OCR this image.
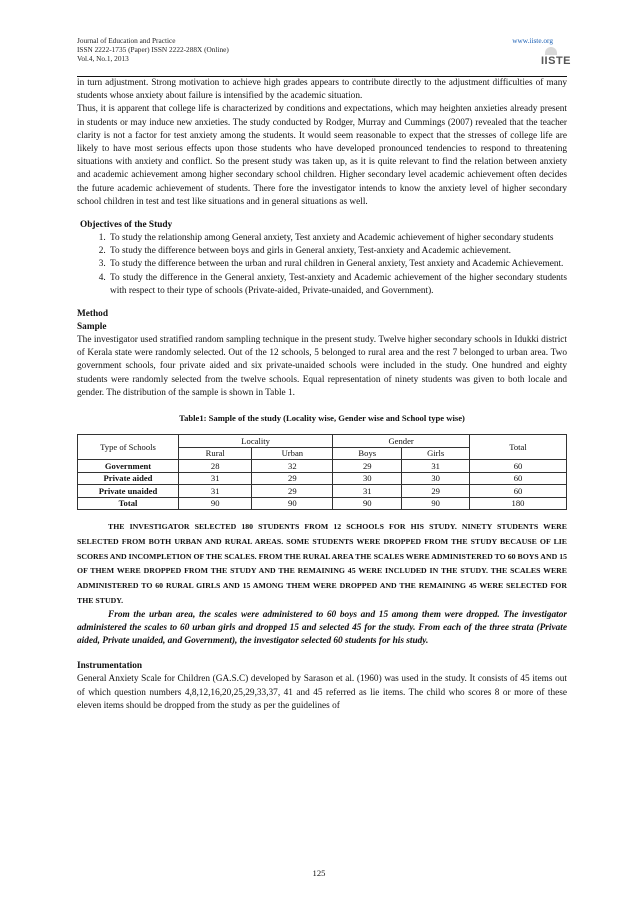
Journal of Education and Practice
ISSN 2222-1735 (Paper) ISSN 2222-288X (Online)
Vol.4, No.1, 2013
www.iiste.org
IISTE

in turn adjustment. Strong motivation to achieve high grades appears to contribute directly to the adjustment difficulties of many students whose anxiety about failure is intensified by the academic situation.

Thus, it is apparent that college life is characterized by conditions and expectations, which may heighten anxieties already present in students or may induce new anxieties. The study conducted by Rodger, Murray and Cummings (2007) revealed that the teacher clarity is not a factor for test anxiety among the students. It would seem reasonable to expect that the stresses of college life are likely to have most serious effects upon those students who have developed pronounced tendencies to respond to threatening situations with anxiety and conflict. So the present study was taken up, as it is quite relevant to find the relation between anxiety and academic achievement among higher secondary school children. Higher secondary level academic achievement often decides the future academic achievement of students. There fore the investigator intends to know the anxiety level of higher secondary school children in test and test like situations and in general situations as well.

Objectives of the Study

1. To study the relationship among General anxiety, Test anxiety and Academic achievement of higher secondary students
2. To study the difference between boys and girls in General anxiety, Test-anxiety and Academic achievement.
3. To study the difference between the urban and rural children in General anxiety, Test anxiety and Academic Achievement.
4. To study the difference in the General anxiety, Test-anxiety and Academic achievement of the higher secondary students with respect to their type of schools (Private-aided, Private-unaided, and Government).

Method

Sample

The investigator used stratified random sampling technique in the present study. Twelve higher secondary schools in Idukki district of Kerala state were randomly selected. Out of the 12 schools, 5 belonged to rural area and the rest 7 belonged to urban area. Two government schools, four private aided and six private-unaided schools were included in the study. One hundred and eighty students were randomly selected from the twelve schools. Equal representation of ninety students was given to both locale and gender. The distribution of the sample is shown in Table 1.

Table1: Sample of the study (Locality wise, Gender wise and School type wise)

Type of Schools	Locality		Gender		Total
	Rural	Urban	Boys	Girls	
Government	28	32	29	31	60
Private aided	31	29	30	30	60
Private unaided	31	29	31	29	60
Total	90	90	90	90	180

THE INVESTIGATOR SELECTED 180 STUDENTS FROM 12 SCHOOLS FOR HIS STUDY. NINETY STUDENTS WERE SELECTED FROM BOTH URBAN AND RURAL AREAS. SOME STUDENTS WERE DROPPED FROM THE STUDY BECAUSE OF LIE SCORES AND INCOMPLETION OF THE SCALES. FROM THE RURAL AREA THE SCALES WERE ADMINISTERED TO 60 BOYS AND 15 OF THEM WERE DROPPED FROM THE STUDY AND THE REMAINING 45 WERE INCLUDED IN THE STUDY. THE SCALES WERE ADMINISTERED TO 60 RURAL GIRLS AND 15 AMONG THEM WERE DROPPED AND THE REMAINING 45 WERE SELECTED FOR THE STUDY.

From the urban area, the scales were administered to 60 boys and 15 among them were dropped. The investigator administered the scales to 60 urban girls and dropped 15 and selected 45 for the study. From each of the three strata (Private aided, Private unaided, and Government), the investigator selected 60 students for his study.

Instrumentation

General Anxiety Scale for Children (GA.S.C) developed by Sarason et al. (1960) was used in the study. It consists of 45 items out of which question numbers 4,8,12,16,20,25,29,33,37, 41 and 45 referred as lie items. The child who scores 8 or more of these eleven items should be dropped from the study as per the guidelines of

125
